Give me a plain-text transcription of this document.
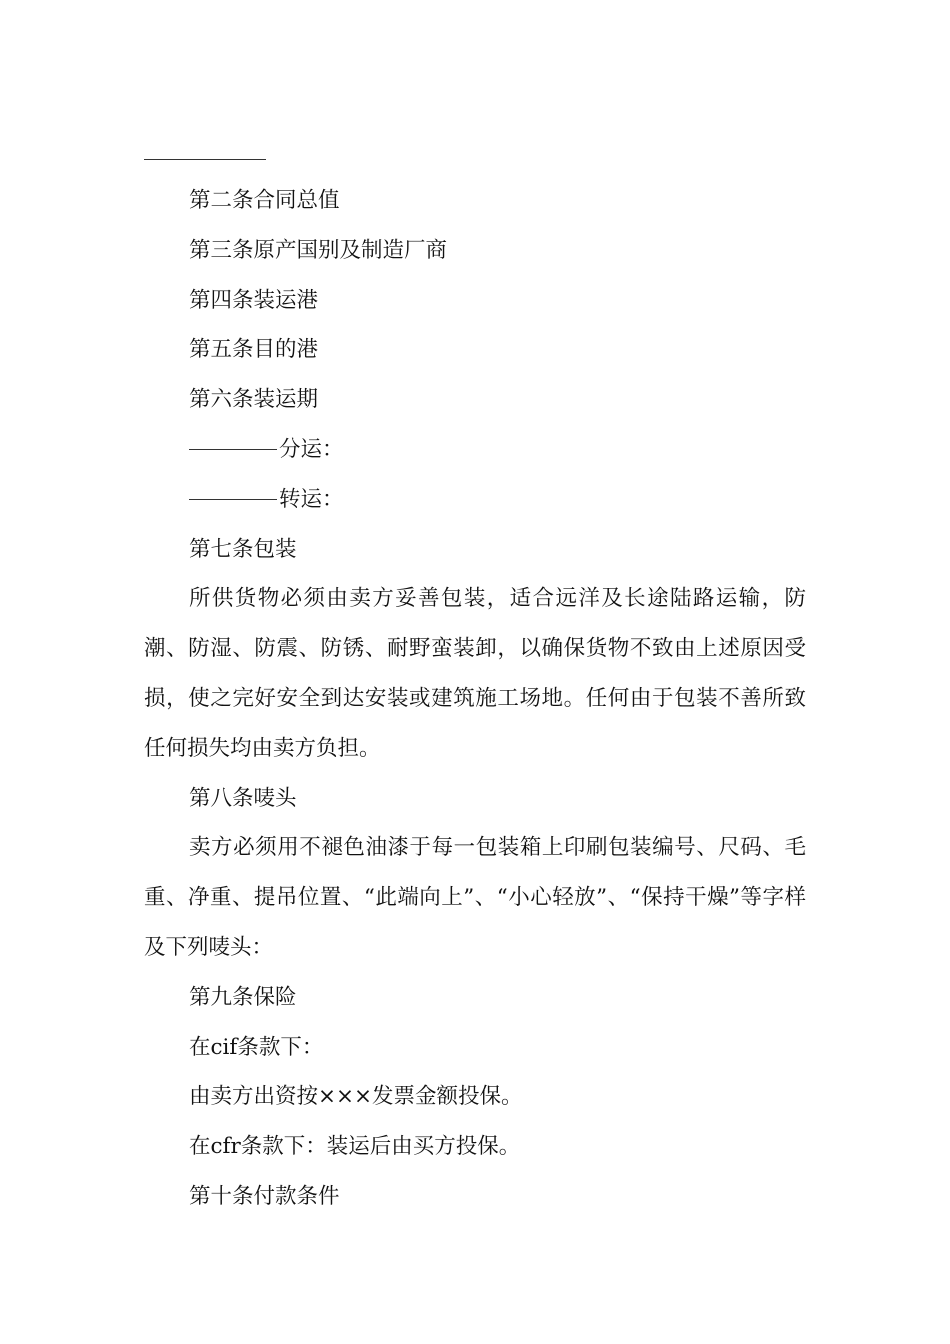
第二条合同总值

第三条原产国别及制造厂商

第四条装运港

第五条目的港

第六条装运期

分运：

转运：

第七条包装

所供货物必须由卖方妥善包装，适合远洋及长途陆路运输，防潮、防湿、防震、防锈、耐野蛮装卸，以确保货物不致由上述原因受损，使之完好安全到达安装或建筑施工场地。任何由于包装不善所致任何损失均由卖方负担。

第八条唛头

卖方必须用不褪色油漆于每一包装箱上印刷包装编号、尺码、毛重、净重、提吊位置、“此端向上”、“小心轻放”、“保持干燥”等字样及下列唛头：

第九条保险

在cif条款下：

由卖方出资按×××发票金额投保。

在cfr条款下：装运后由买方投保。

第十条付款条件
